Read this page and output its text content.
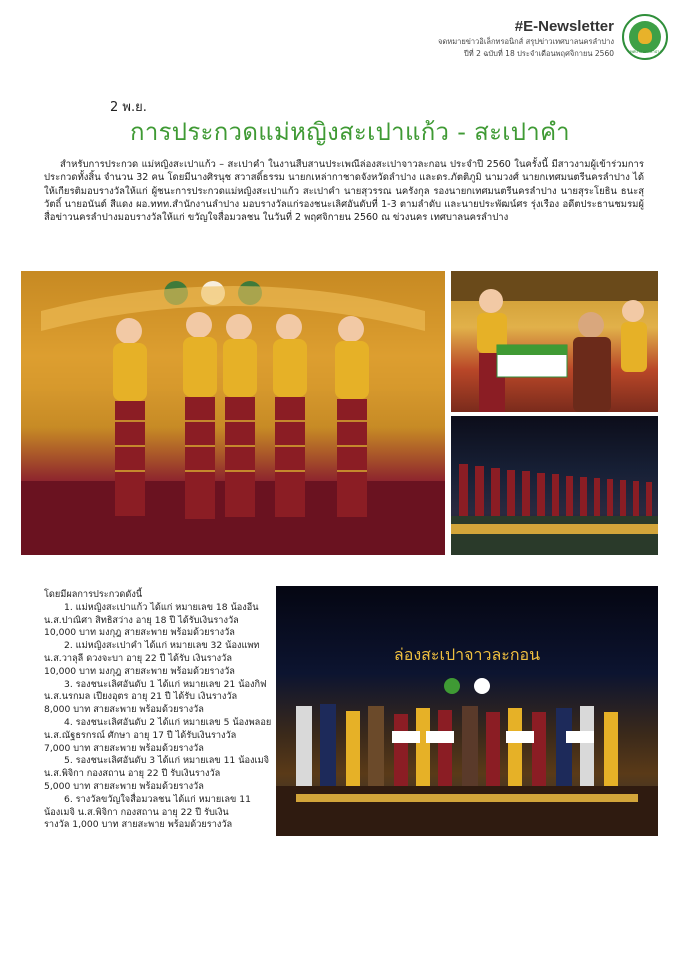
#E-Newsletter
จดหมายข่าวอิเล็กทรอนิกส์ สรุปข่าวเทศบาลนครลำปาง
ปีที่ 2 ฉบับที่ 18 ประจำเดือนพฤศจิกายน 2560	เทศบาลนครลำปาง
2 พ.ย.
การประกวดแม่หญิงสะเปาแก้ว - สะเปาคำ

สำหรับการประกวด แม่หญิงสะเปาแก้ว – สะเปาคำ ในงานสืบสานประเพณีล่องสะเปาจาวละกอน ประจำปี 2560 ในครั้งนี้ มีสาวงามผู้เข้าร่วมการประกวดทั้งสิ้น จำนวน 32 คน โดยมีนางศิรนุช สวาสดิ์ธรรม นายกเหล่ากาชาดจังหวัดลำปาง และดร.ภัตติภูมิ นามวงศ์ นายกเทศมนตรีนครลำปาง ได้ให้เกียรติมอบรางวัลให้แก่ ผู้ชนะการประกวดแม่หญิงสะเปาแก้ว สะเปาคำ นายสุวรรณ นครังกุล รองนายกเทศมนตรีนครลำปาง นายสุระโยธิน ธนะสุวัตถิ์ นายอนันต์ สีแดง ผอ.ททท.สำนักงานลำปาง มอบรางวัลแก่รองชนะเลิศอันดับที่ 1-3 ตามลำดับ และนายประพัฒน์ศร รุ่งเรือง อดีตประธานชมรมผู้สื่อข่าวนครลำปางมอบรางวัลให้แก่ ขวัญใจสื่อมวลชน ในวันที่ 2 พฤศจิกายน 2560 ณ ข่วงนคร เทศบาลนครลำปาง

ล่องสะเปาจาวละกอน
โดยมีผลการประกวดดังนี้
1. แม่หญิงสะเปาแก้ว ได้แก่ หมายเลข 18 น้องอีน
น.ส.ปาณิศา สิทธิสว่าง อายุ 18 ปี ได้รับเงินรางวัล
10,000 บาท มงกุฎ สายสะพาย พร้อมด้วยรางวัล
2. แม่หญิงสะเปาคำ ได้แก่ หมายเลข 32 น้องแพท
น.ส.วาลุลี ดวงจะบา อายุ 22 ปี ได้รับ เงินรางวัล
10,000 บาท มงกุฎ สายสะพาย พร้อมด้วยรางวัล
3. รองชนะเลิศอันดับ 1 ได้แก่ หมายเลข 21 น้องกิฟ
น.ส.นรกมล เปียงอุตร อายุ 21 ปี ได้รับ เงินรางวัล
8,000 บาท สายสะพาย พร้อมด้วยรางวัล
4. รองชนะเลิศอันดับ 2 ได้แก่ หมายเลข 5 น้องพลอย
น.ส.ณัฐธรกรณ์ ศักษา อายุ 17 ปี ได้รับเงินรางวัล
7,000 บาท สายสะพาย พร้อมด้วยรางวัล
5. รองชนะเลิศอันดับ 3 ได้แก่ หมายเลข 11 น้องเมจิ
น.ส.พิจิกา กองสถาน อายุ 22 ปี รับเงินรางวัล
5,000 บาท สายสะพาย พร้อมด้วยรางวัล
6. รางวัลขวัญใจสื่อมวลชน ได้แก่ หมายเลข 11
น้องเมจิ น.ส.พิจิกา กองสถาน อายุ 22 ปี รับเงิน
รางวัล 1,000 บาท สายสะพาย พร้อมด้วยรางวัล
